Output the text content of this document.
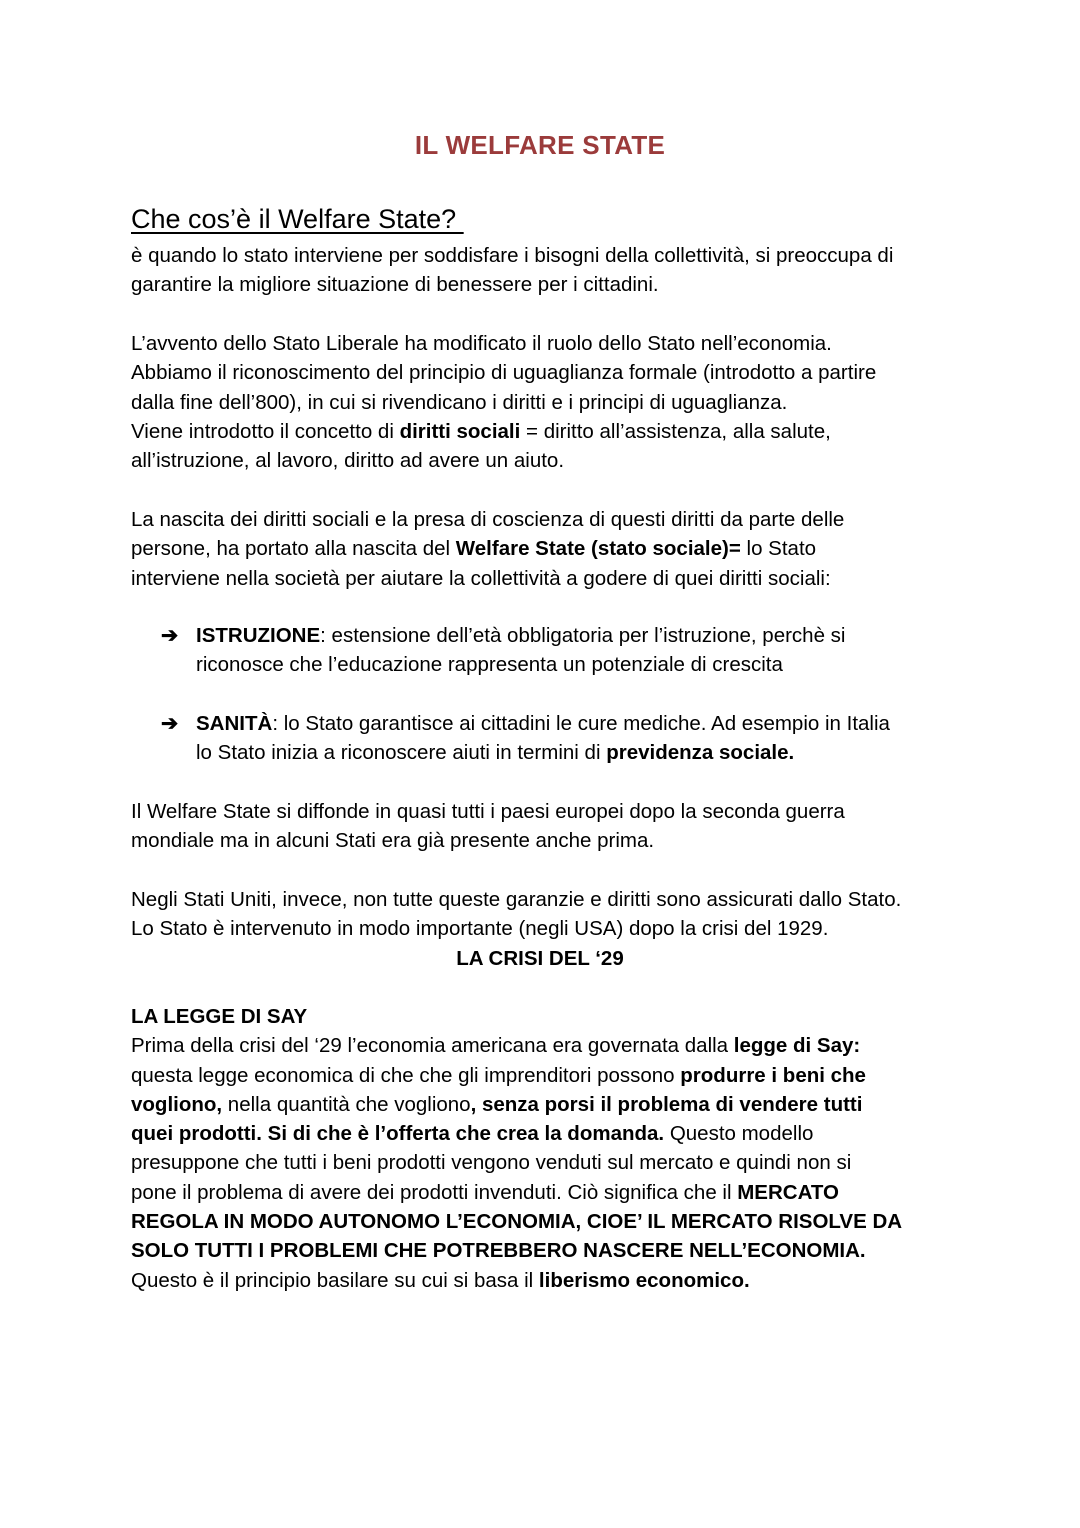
IL WELFARE STATE
Che cos’è il Welfare State?
è quando lo stato interviene per soddisfare i bisogni della collettività, si preoccupa di
garantire la migliore situazione di benessere per i cittadini.
L’avvento dello Stato Liberale ha modificato il ruolo dello Stato nell’economia.
Abbiamo il riconoscimento del principio di uguaglianza formale (introdotto a partire
dalla fine dell’800), in cui si rivendicano i diritti e i principi di uguaglianza.
Viene introdotto il concetto di diritti sociali = diritto all’assistenza, alla salute,
all’istruzione, al lavoro, diritto ad avere un aiuto.
La nascita dei diritti sociali e la presa di coscienza di questi diritti da parte delle
persone, ha portato alla nascita del Welfare State (stato sociale)= lo Stato
interviene nella società per aiutare la collettività a godere di quei diritti sociali:
➔ ISTRUZIONE: estensione dell’età obbligatoria per l’istruzione, perchè si
riconosce che l’educazione rappresenta un potenziale di crescita
➔ SANITÀ: lo Stato garantisce ai cittadini le cure mediche. Ad esempio in Italia
lo Stato inizia a riconoscere aiuti in termini di previdenza sociale.
Il Welfare State si diffonde in quasi tutti i paesi europei dopo la seconda guerra
mondiale ma in alcuni Stati era già presente anche prima.
Negli Stati Uniti, invece, non tutte queste garanzie e diritti sono assicurati dallo Stato.
Lo Stato è intervenuto in modo importante (negli USA) dopo la crisi del 1929.
LA CRISI DEL ‘29
LA LEGGE DI SAY
Prima della crisi del ‘29 l’economia americana era governata dalla legge di Say:
questa legge economica di che che gli imprenditori possono produrre i beni che
vogliono, nella quantità che vogliono, senza porsi il problema di vendere tutti
quei prodotti. Si di che è l’offerta che crea la domanda. Questo modello
presuppone che tutti i beni prodotti vengono venduti sul mercato e quindi non si
pone il problema di avere dei prodotti invenduti. Ciò significa che il MERCATO
REGOLA IN MODO AUTONOMO L’ECONOMIA, CIOE’ IL MERCATO RISOLVE DA
SOLO TUTTI I PROBLEMI CHE POTREBBERO NASCERE NELL’ECONOMIA.
Questo è il principio basilare su cui si basa il liberismo economico.
